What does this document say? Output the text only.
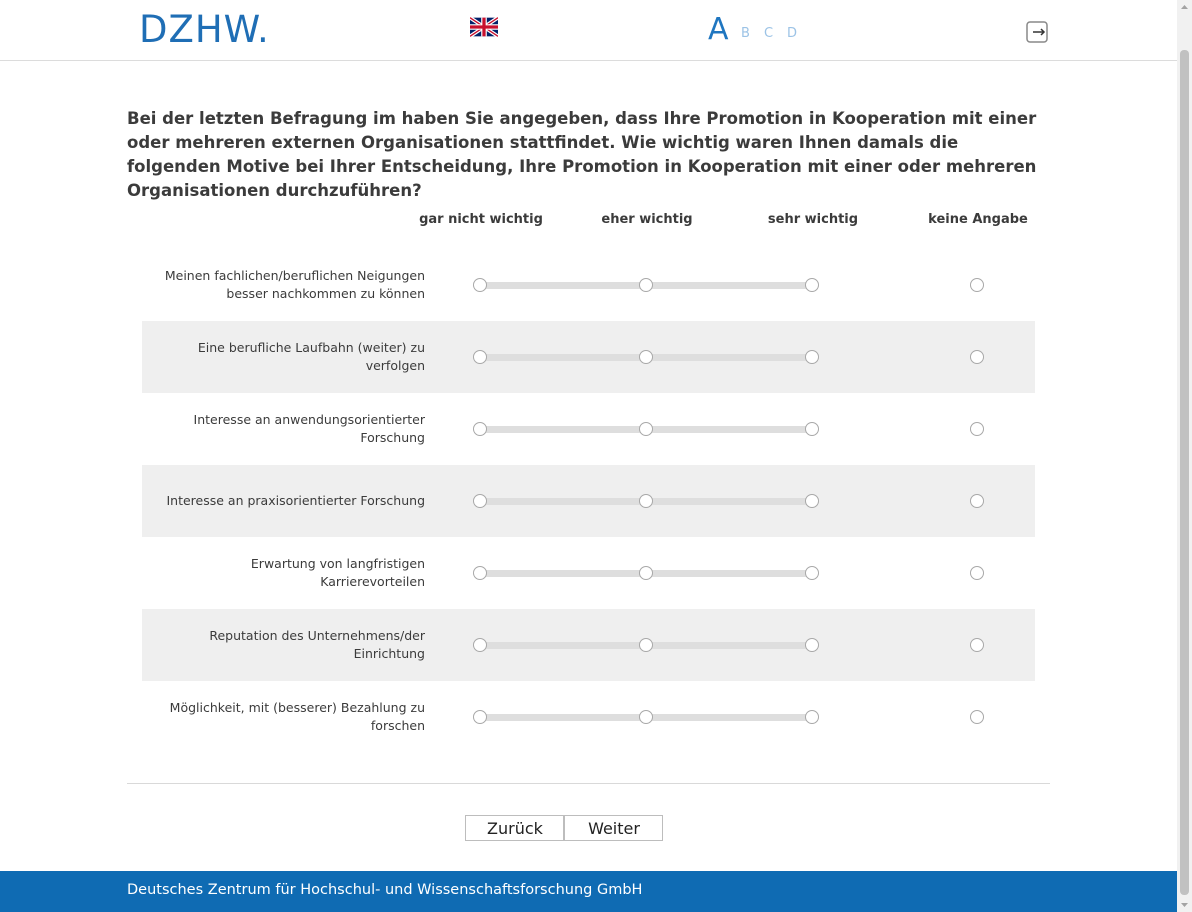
DZHW.	A B C D
Bei der letzten Befragung im haben Sie angegeben, dass Ihre Promotion in Kooperation mit einer oder mehreren externen Organisationen stattfindet. Wie wichtig waren Ihnen damals die folgenden Motive bei Ihrer Entscheidung, Ihre Promotion in Kooperation mit einer oder mehreren Organisationen durchzuführen?
gar nicht wichtig	eher wichtig	sehr wichtig	keine Angabe
Meinen fachlichen/beruflichen Neigungen besser nachkommen zu können
Eine berufliche Laufbahn (weiter) zu verfolgen
Interesse an anwendungsorientierter Forschung
Interesse an praxisorientierter Forschung
Erwartung von langfristigen Karrierevorteilen
Reputation des Unternehmens/der Einrichtung
Möglichkeit, mit (besserer) Bezahlung zu forschen
Zurück	Weiter
Deutsches Zentrum für Hochschul- und Wissenschaftsforschung GmbH
